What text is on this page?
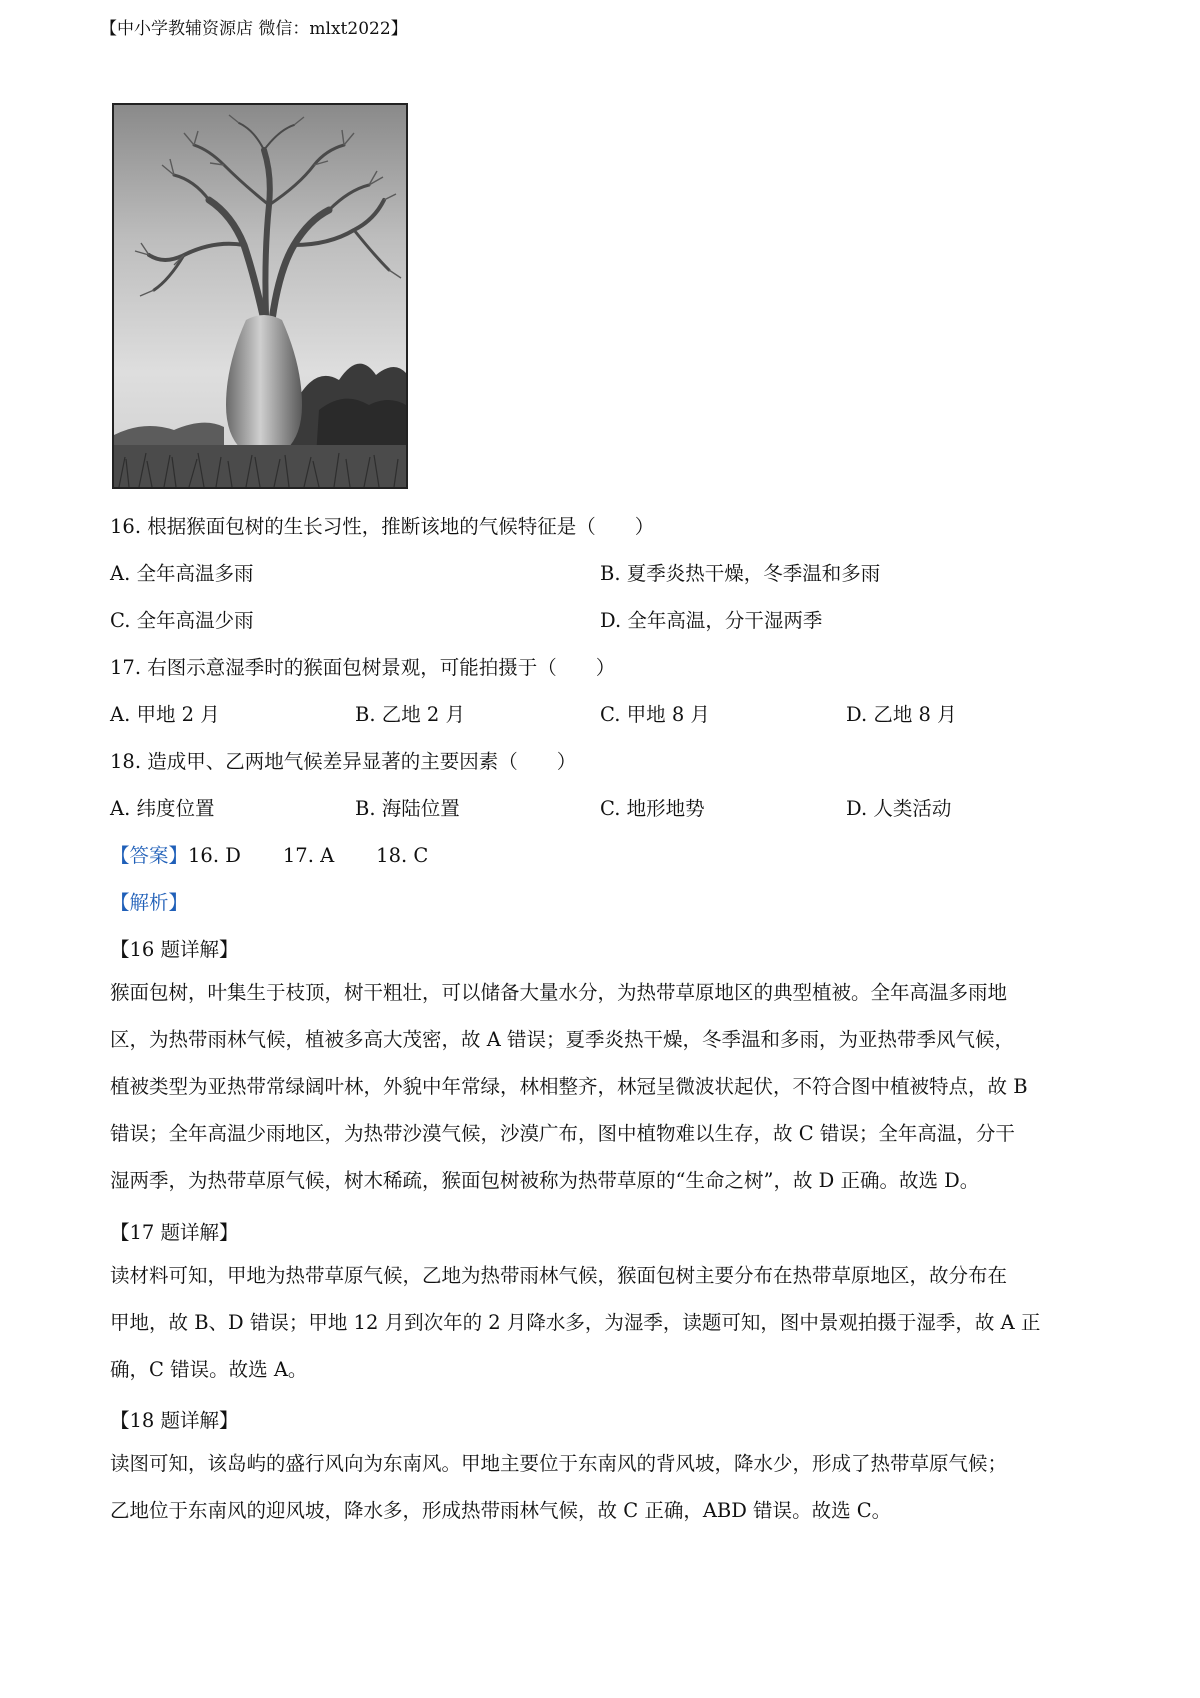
【中小学教辅资源店 微信：mlxt2022】
16. 根据猴面包树的生长习性，推断该地的气候特征是（　　）
A. 全年高温多雨	B. 夏季炎热干燥，冬季温和多雨
C. 全年高温少雨	D. 全年高温，分干湿两季
17. 右图示意湿季时的猴面包树景观，可能拍摄于（　　）
A. 甲地 2 月	B. 乙地 2 月	C. 甲地 8 月	D. 乙地 8 月
18. 造成甲、乙两地气候差异显著的主要因素（　　）
A. 纬度位置	B. 海陆位置	C. 地形地势	D. 人类活动
【答案】16. D 17. A 18. C
【解析】
【16 题详解】
猴面包树，叶集生于枝顶，树干粗壮，可以储备大量水分，为热带草原地区的典型植被。全年高温多雨地
区，为热带雨林气候，植被多高大茂密，故 A 错误；夏季炎热干燥，冬季温和多雨，为亚热带季风气候，
植被类型为亚热带常绿阔叶林，外貌中年常绿，林相整齐，林冠呈微波状起伏，不符合图中植被特点，故 B
错误；全年高温少雨地区，为热带沙漠气候，沙漠广布，图中植物难以生存，故 C 错误；全年高温，分干
湿两季，为热带草原气候，树木稀疏，猴面包树被称为热带草原的“生命之树”，故 D 正确。故选 D。
【17 题详解】
读材料可知，甲地为热带草原气候，乙地为热带雨林气候，猴面包树主要分布在热带草原地区，故分布在
甲地，故 B、D 错误；甲地 12 月到次年的 2 月降水多，为湿季，读题可知，图中景观拍摄于湿季，故 A 正
确，C 错误。故选 A。
【18 题详解】
读图可知，该岛屿的盛行风向为东南风。甲地主要位于东南风的背风坡，降水少，形成了热带草原气候；
乙地位于东南风的迎风坡，降水多，形成热带雨林气候，故 C 正确，ABD 错误。故选 C。
